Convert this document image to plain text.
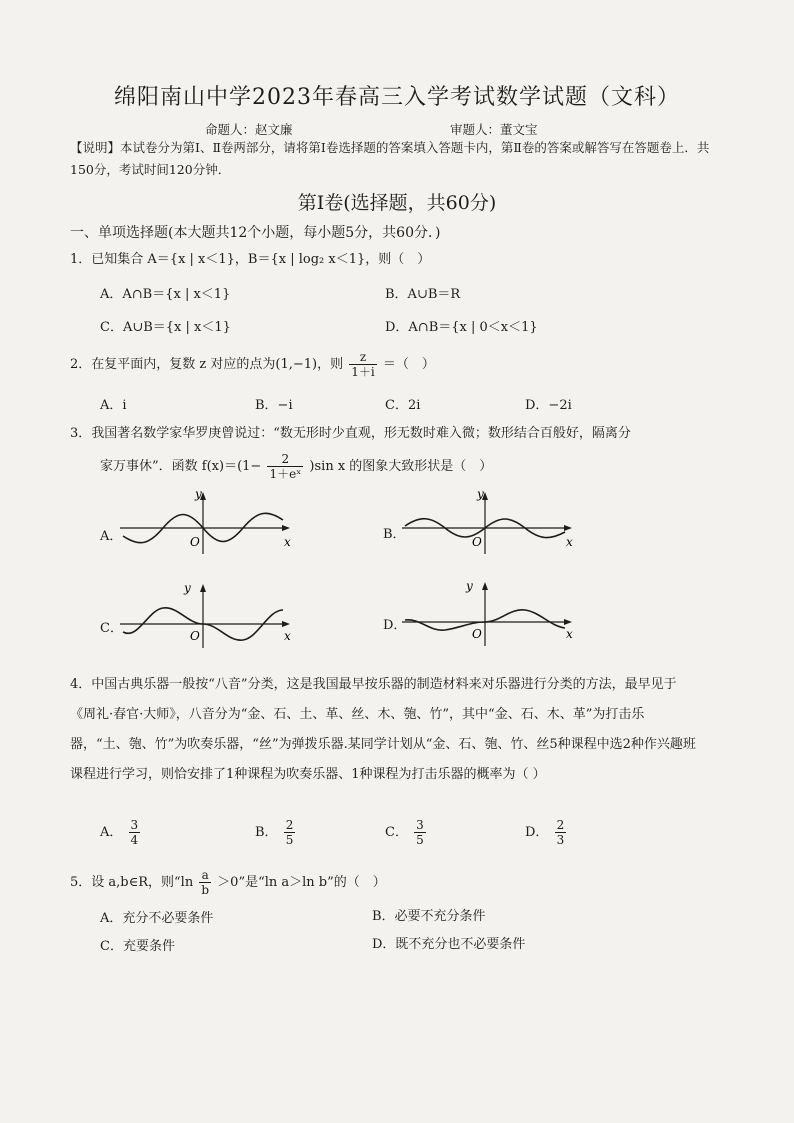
绵阳南山中学2023年春高三入学考试数学试题（文科）
命题人：赵文廉	审题人：董文宝
【说明】本试卷分为第Ⅰ、Ⅱ卷两部分，请将第Ⅰ卷选择题的答案填入答题卡内，第Ⅱ卷的答案或解答写在答题卷上．共150分，考试时间120分钟．
第Ⅰ卷(选择题，共60分)
一、单项选择题(本大题共12个小题，每小题5分，共60分．)
1．已知集合 A＝{x | x＜1}，B＝{x | log₂ x＜1}，则（　）
A．A∩B＝{x | x＜1}	B．A∪B＝R
C．A∪B＝{x | x＜1}	D．A∩B＝{x | 0＜x＜1}
2．在复平面内，复数 z 对应的点为(1,−1)，则 $\frac{z}{1+i}$ ＝（　）
A．i	B．−i	C．2i	D．−2i
3．我国著名数学家华罗庚曾说过：“数无形时少直观，形无数时难入微；数形结合百般好，隔离分
家万事休”．函数 $f(x)=(1- \frac{2}{\text{1＋eˣ}} )\sin$ x 的图象大致形状是（　）
A．	B．
C．	D．
y
x
O
y
x
O
y
x
O
y
x
O
4．中国古典乐器一般按“八音”分类，这是我国最早按乐器的制造材料来对乐器进行分类的方法，最早见于《周礼·春官·大师》，八音分为“金、石、土、革、丝、木、匏、竹”，其中“金、石、木、革”为打击乐器，“土、匏、竹”为吹奏乐器，“丝”为弹拨乐器.某同学计划从“金、石、匏、竹、丝5种课程中选2种作兴趣班课程进行学习，则恰安排了1种课程为吹奏乐器、1种课程为打击乐器的概率为（ ）
A． $\frac{3}{4}$	B． $\frac{2}{5}$	C． $\frac{3}{5}$	D． $\frac{2}{3}$
5．设 a,b∈R，则“$\ln \frac{a}{b} >0$”是“ln a＞ln b”的（　）
A．充分不必要条件	B．必要不充分条件
C．充要条件	D．既不充分也不必要条件
